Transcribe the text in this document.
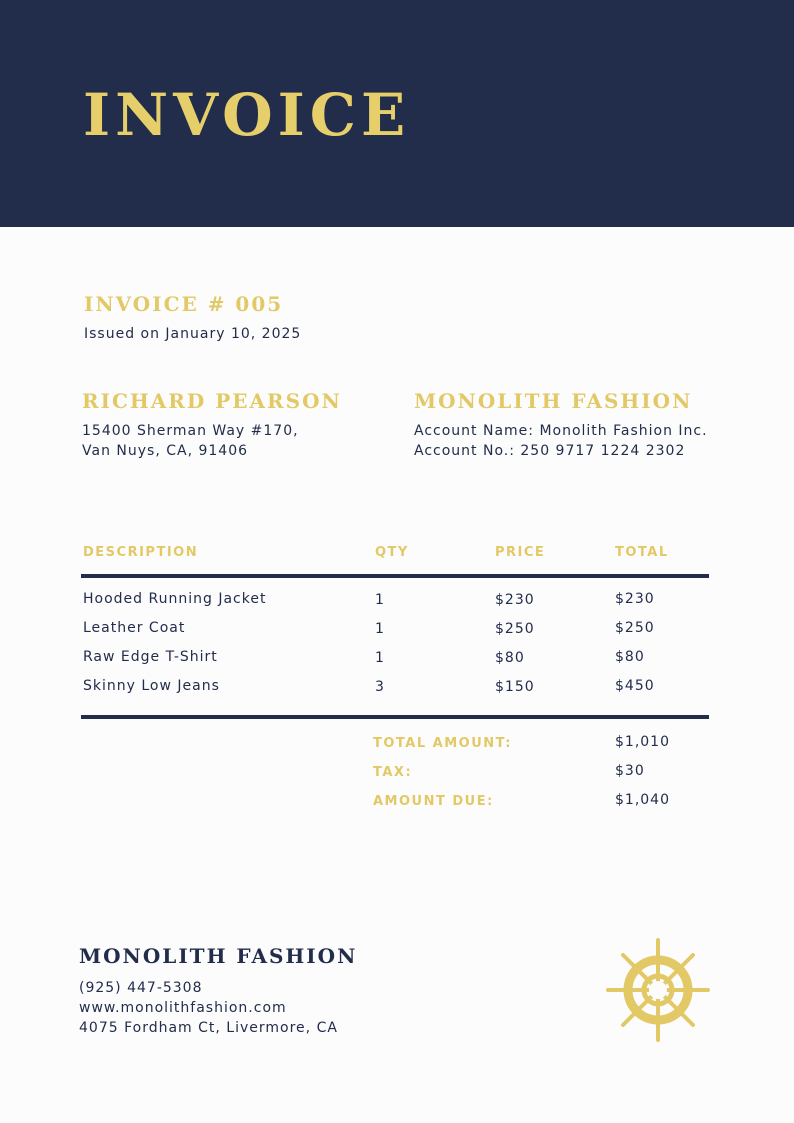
INVOICE
INVOICE # 005

Issued on January 10, 2025

RICHARD PEARSON

15400 Sherman Way #170,

Van Nuys, CA, 91406

MONOLITH FASHION

Account Name: Monolith Fashion Inc.

Account No.: 250 9717 1224 2302

DESCRIPTION	QTY	PRICE	TOTAL
Hooded Running Jacket	1	$230	$230
Leather Coat	1	$250	$250
Raw Edge T-Shirt	1	$80	$80
Skinny Low Jeans	3	$150	$450
TOTAL AMOUNT:	$1,010
TAX:	$30
AMOUNT DUE:	$1,040
MONOLITH FASHION

(925) 447-5308

www.monolithfashion.com

4075 Fordham Ct, Livermore, CA
